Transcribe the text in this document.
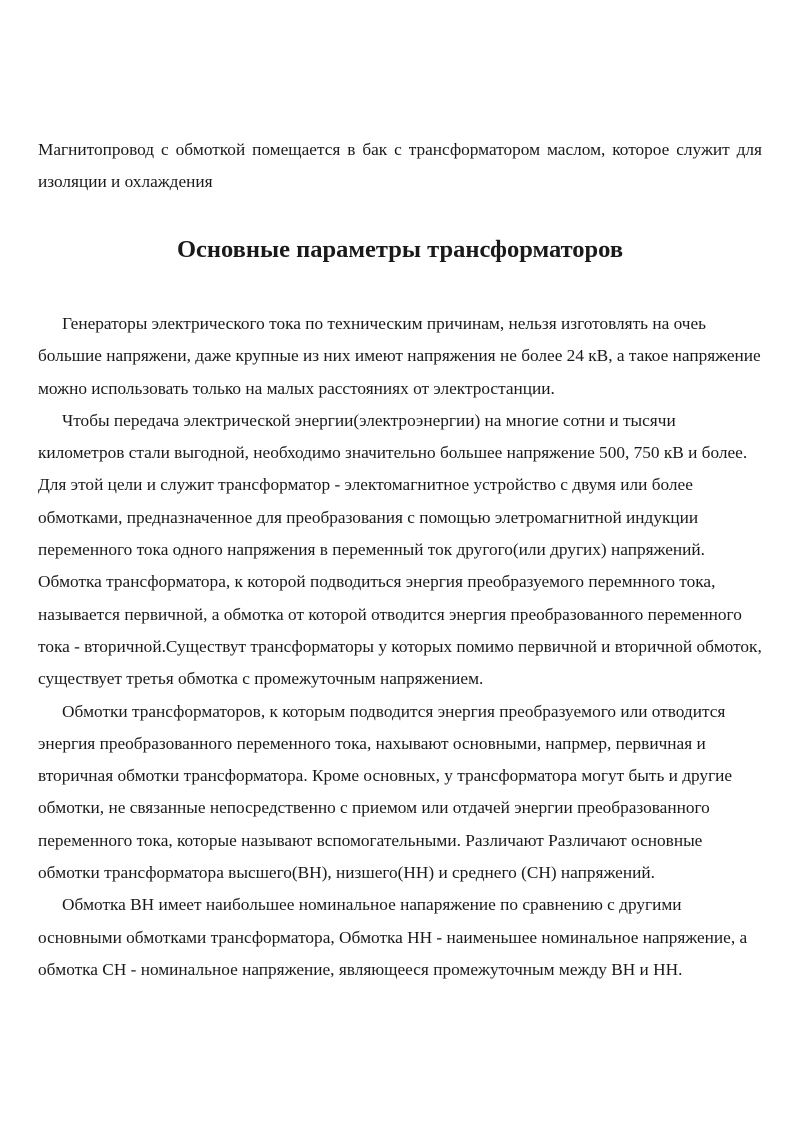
Магнитопровод с обмоткой помещается в бак с трансформатором маслом, которое служит для изоляции и охлаждения

Основные параметры трансформаторов

Генераторы электрического тока по техническим причинам, нельзя изготовлять на очеь большие напряжени, даже крупные из них имеют напряжения не более 24 кВ, а такое напряжение можно использовать только на малых расстояниях от электростанции.

Чтобы передача электрической энергии(электроэнергии) на многие сотни и тысячи километров стали выгодной, необходимо значительно большее напряжение 500, 750 кВ и более. Для этой цели и служит трансформатор - электомагнитное устройство с двумя или более обмотками, предназначенное для преобразования с помощью элетромагнитной индукции переменного тока одного напряжения в переменный ток другого(или других) напряжений. Обмотка трансформатора, к которой подводиться энергия преобразуемого перемнного тока, называется первичной, а обмотка от которой отводится энергия преобразованного переменного тока - вторичной.Существут трансформаторы у которых помимо первичной и вторичной обмоток, существует третья обмотка с промежуточным напряжением.

Обмотки трансформаторов, к которым подводится энергия преобразуемого или отводится энергия преобразованного переменного тока, нахывают основными, напрмер, первичная и вторичная обмотки трансформатора. Кроме основных, у трансформатора могут быть и другие обмотки, не связанные непосредственно с приемом или отдачей энергии преобразованного переменного тока, которые называют вспомогательными. Различают Различают основные обмотки трансформатора высшего(ВН), низшего(НН) и среднего (СН) напряжений.

Обмотка ВН имеет наибольшее номинальное напаряжение по сравнению с другими основными обмотками трансформатора, Обмотка НН - наименьшее номинальное напряжение, а обмотка СН - номинальное напряжение, являющееся промежуточным между ВН и НН.
